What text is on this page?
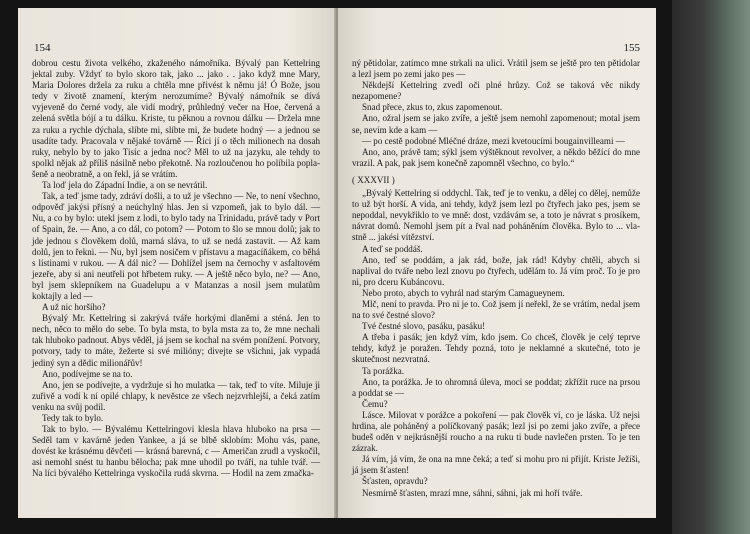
154

dobrou cestu života velkého, zkaženého námořníka. Bývalý pan Kettelring jektal zuby. Vždyť to bylo skoro tak, jako ... jako . . jako když mne Mary, Maria Dolores držela za ruku a chtěla mne přivést k němu já! Ó Bože, jsou tedy v životě znamení, kterým nerozumíme? Bývalý námořník se dívá vyjeveně do černé vody, ale vidí modrý, průhledný večer na Hoe, červená a zelená světla bójí a tu dálku. Kriste, tu pěknou a rovnou dálku — Držela mne za ruku a rychle dýchala, slíbte mi, slíbte mi, že budete hodný — a jednou se usadíte tady. Pracovala v nějaké továrně — Říci jí o těch milionech na dosah ruky, nebylo by to jako Tisíc a jedna noc? Měl to už na jazyku, ale tehdy to spolkl nějak až příliš násilně nebo překotně. Na rozloučenou ho políbila poplašeně a neobratně, a on řekl, já se vrátím.

Ta loď jela do Západní Indie, a on se nevrátil.

Tak, a teď jsme tady, zdráví došli, a to už je všechno — Ne, to není všechno, odpověď jakýsi přísný a neúchylný hlas. Jen si vzpomeň, jak to bylo dál. — Nu, a co by bylo: utekl jsem z lodi, to bylo tady na Trinidadu, právě tady v Port of Spain, že. — Ano, a co dál, co potom? — Potom to šlo se mnou dolů; jak to jde jednou s člověkem dolů, marná sláva, to už se nedá zastavit. — Až kam dolů, jen to řekni. — Nu, byl jsem nosičem v přístavu a magacíňákem, co běhá s lístinami v rukou. — A dál nic? — Dohlížel jsem na černochy v asfaltovém jezeře, aby si ani neutřeli pot hřbetem ruky. — A ještě něco bylo, ne? — Ano, byl jsem sklepníkem na Guadelupu a v Matanzas a nosil jsem mulatům koktajly a led —

A už nic horšího?

Bývalý Mr. Kettelring si zakrývá tváře horkými dlaněmi a sténá. Jen to nech, něco to mělo do sebe. To byla msta, to byla msta za to, že mne nechali tak hluboko padnout. Abys věděl, já jsem se kochal na svém ponížení. Potvory, potvory, tady to máte, žežerte si své milióny; divejte se všichni, jak vypadá jediný syn a dědic milionářův!

Ano, podívejme se na to.

Ano, jen se podívejte, a vydržuje si ho mulatka — tak, teď to víte. Miluje ji zuřivě a vodí k ní opilé chlapy, k nevěstce ze všech nejzvrhlejší, a čeká zatím venku na svůj podíl.

Tedy tak to bylo.

Tak to bylo. — Bývalému Kettelringovi klesla hlava hluboko na prsa — Seděl tam v kavárně jeden Yankee, a já se blbě sklobím: Mohu vás, pane, dovést ke krásnému děvčeti — krásná barevná, c — Američan zrudl a vyskočil, asi nemohl snést tu hanbu bělocha; pak mne uhodil po tváři, na tuhle tvář. — Na líci bývalého Kettelringa vyskočila rudá skvrna. — Hodil na zem zmačka-

155

ný pětidolar, zatímco mne strkali na ulici. Vrátil jsem se ještě pro ten pětidolar a lezl jsem po zemi jako pes —

Někdejší Kettelring zvedl oči plné hrůzy. Což se taková věc nikdy nezapomene?

Snad přece, zkus to, zkus zapomenout.

Ano, ožral jsem se jako zvíře, a ještě jsem nemohl zapomenout; motal jsem se, nevím kde a kam —

— po cestě podobné Mléčné dráze, mezi kvetoucími bougainvilleami —

Ano, ano, právě tam; sýkl jsem výštěknout revolver, a někdo běžící do mne vrazil. A pak, pak jsem konečně zapomněl všechno, co bylo.“

( XXXVII )

„Bývalý Kettelring si oddychl. Tak, teď je to venku, a děleј co dělej, nemůže to už být horší. A vida, ani tehdy, když jsem lezl po čtyřech jako pes, jsem se nepoddal, nevykřiklo to ve mně: dost, vzdávám se, a toto je návrat s prosíkem, návrat domů. Nemohl jsem pít a řval nad poháněním člověka. Bylo to ... vlastně ... jakési vítězství.

A teď se poddáš.

Ano, teď se poddám, a jak rád, bože, jak rád! Kdyby chtěli, abych si naplival do tváře nebo lezl znovu po čtyřech, udělám to. Já vím proč. To je pro ni, pro dceru Kubáncovu.

Nebo proto, abych to vyhrál nad starým Camagueynem.

Mlč, není to pravda. Pro ni je to. Což jsem jí neřekl, že se vrátím, nedal jsem na to své čestné slovo?

Tvé čestné slovo, pasáku, pasáku!

A třeba i pasák; jen když vím, kdo jsem. Co chceš, člověk je celý teprve tehdy, když je poražen. Tehdy pozná, toto je neklamné a skutečné, toto je skutečnost nezvratná.

Ta porážka.

Ano, ta porážka. Je to ohromná úleva, moci se poddat; zkřížit ruce na prsou a poddat se —

Čemu?

Lásce. Milovat v porážce a pokoření — pak člověk ví, co je láska. Už nejsi hrdina, ale poháněný a políčkovaný pasák; lezl jsi po zemi jako zvíře, a přece budeš oděn v nejkrásnější roucho a na ruku ti bude navlečen prsten. To je ten zázrak.

Já vím, já vím, že ona na mne čeká; a teď si mohu pro ni přijít. Kriste Ježíši, já jsem šťasten!

Šťasten, opravdu?

Nesmírně šťasten, mrazí mne, sáhni, sáhni, jak mi hoří tváře.
